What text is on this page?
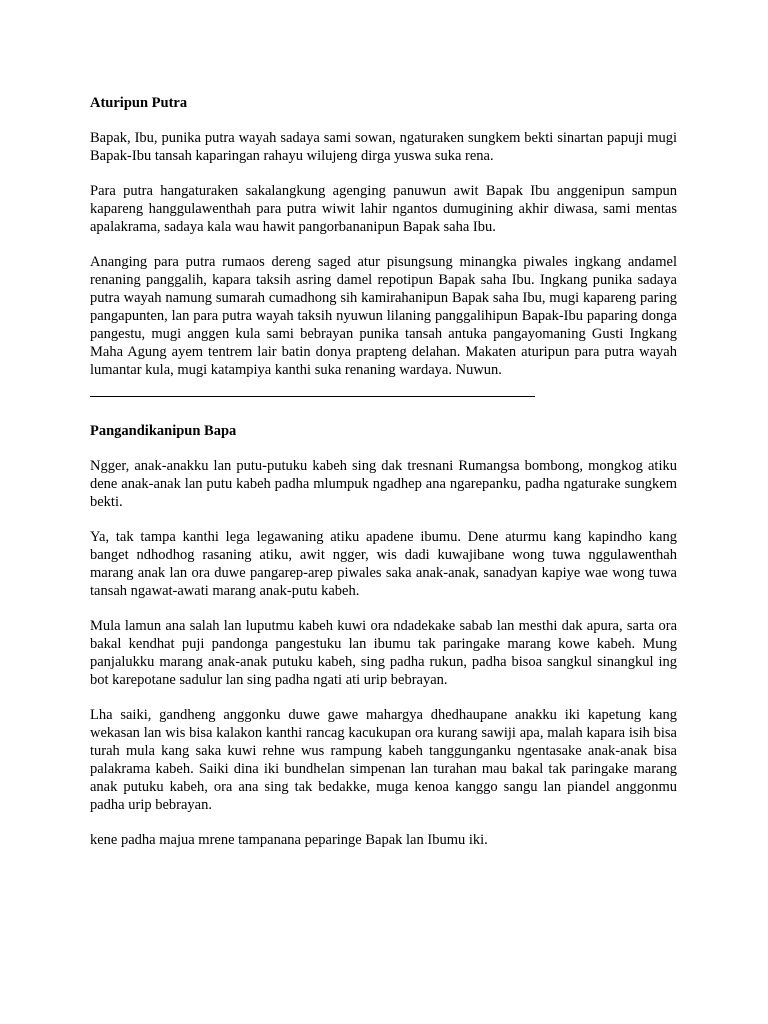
Aturipun Putra

Bapak, Ibu, punika putra wayah sadaya sami sowan, ngaturaken sungkem bekti sinartan papuji mugi Bapak-Ibu tansah kaparingan rahayu wilujeng dirga yuswa suka rena.

Para putra hangaturaken sakalangkung agenging panuwun awit Bapak Ibu anggenipun sampun kapareng hanggulawenthah para putra wiwit lahir ngantos dumugining akhir diwasa, sami mentas apalakrama, sadaya kala wau hawit pangorbananipun Bapak saha Ibu.

Ananging para putra rumaos dereng saged atur pisungsung minangka piwales ingkang andamel renaning panggalih, kapara taksih asring damel repotipun Bapak saha Ibu. Ingkang punika sadaya putra wayah namung sumarah cumadhong sih kamirahanipun Bapak saha Ibu, mugi kapareng paring pangapunten, lan para putra wayah taksih nyuwun lilaning panggalihipun Bapak-Ibu paparing donga pangestu, mugi anggen kula sami bebrayan punika tansah antuka pangayomaning Gusti Ingkang Maha Agung ayem tentrem lair batin donya prapteng delahan. Makaten aturipun para putra wayah lumantar kula, mugi katampiya kanthi suka renaning wardaya. Nuwun.

Pangandikanipun Bapa

Ngger, anak-anakku lan putu-putuku kabeh sing dak tresnani Rumangsa bombong, mongkog atiku dene anak-anak lan putu kabeh padha mlumpuk ngadhep ana ngarepanku, padha ngaturake sungkem bekti.

Ya, tak tampa kanthi lega legawaning atiku apadene ibumu. Dene aturmu kang kapindho kang banget ndhodhog rasaning atiku, awit ngger, wis dadi kuwajibane wong tuwa nggulawenthah marang anak lan ora duwe pangarep-arep piwales saka anak-anak, sanadyan kapiye wae wong tuwa tansah ngawat-awati marang anak-putu kabeh.

Mula lamun ana salah lan luputmu kabeh kuwi ora ndadekake sabab lan mesthi dak apura, sarta ora bakal kendhat puji pandonga pangestuku lan ibumu tak paringake marang kowe kabeh. Mung panjalukku marang anak-anak putuku kabeh, sing padha rukun, padha bisoa sangkul sinangkul ing bot karepotane sadulur lan sing padha ngati ati urip bebrayan.

Lha saiki, gandheng anggonku duwe gawe mahargya dhedhaupane anakku iki kapetung kang wekasan lan wis bisa kalakon kanthi rancag kacukupan ora kurang sawiji apa, malah kapara isih bisa turah mula kang saka kuwi rehne wus rampung kabeh tanggunganku ngentasake anak-anak bisa palakrama kabeh. Saiki dina iki bundhelan simpenan lan turahan mau bakal tak paringake marang anak putuku kabeh, ora ana sing tak bedakke, muga kenoa kanggo sangu lan piandel anggonmu padha urip bebrayan.

kene padha majua mrene tampanana peparinge Bapak lan Ibumu iki.
